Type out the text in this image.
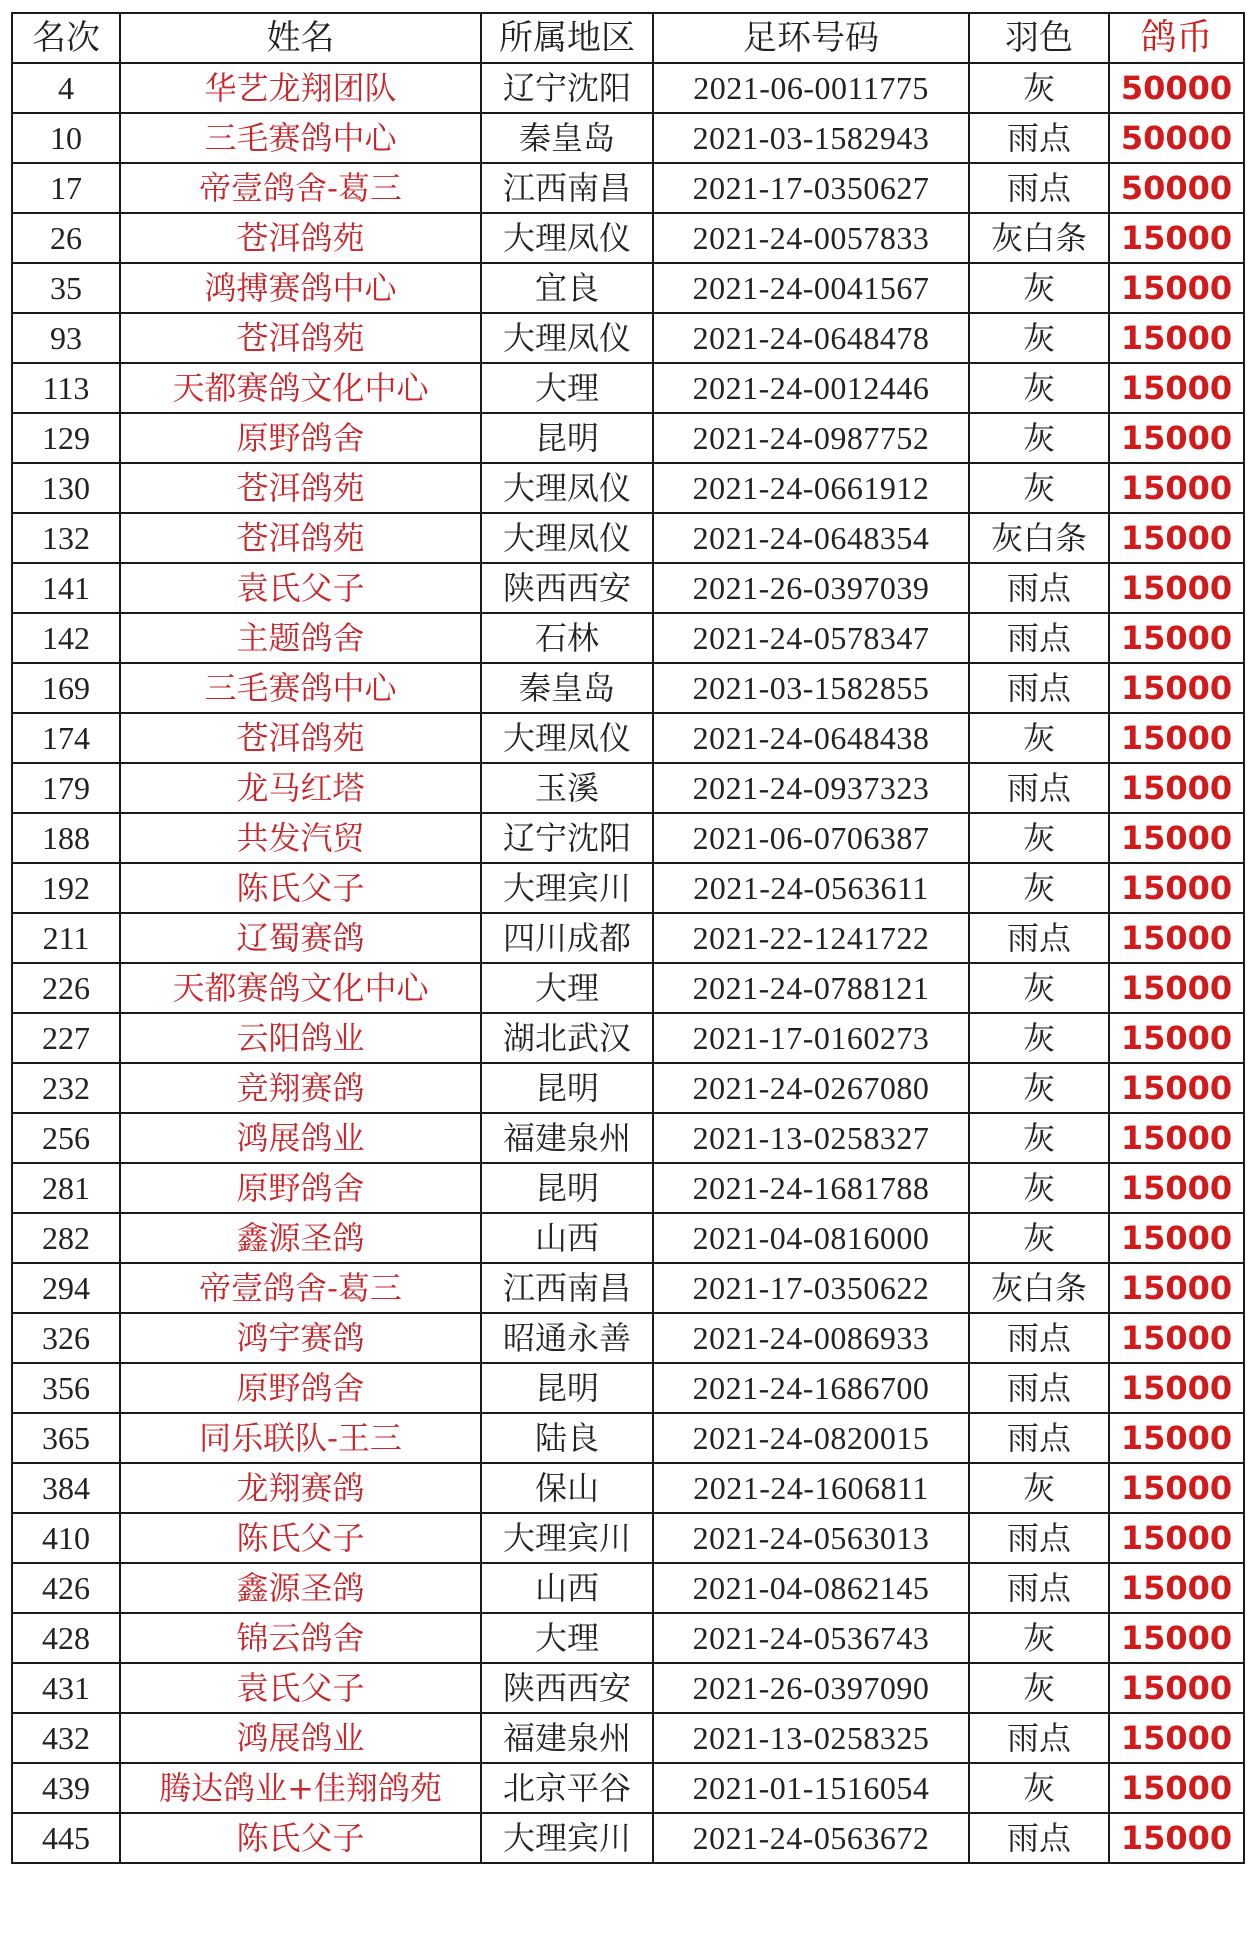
名次	姓名	所属地区	足环号码	羽色	鸽币
4	华艺龙翔团队	辽宁沈阳	2021-06-0011775	灰	50000
10	三毛赛鸽中心	秦皇岛	2021-03-1582943	雨点	50000
17	帝壹鸽舍-葛三	江西南昌	2021-17-0350627	雨点	50000
26	苍洱鸽苑	大理凤仪	2021-24-0057833	灰白条	15000
35	鸿搏赛鸽中心	宜良	2021-24-0041567	灰	15000
93	苍洱鸽苑	大理凤仪	2021-24-0648478	灰	15000
113	天都赛鸽文化中心	大理	2021-24-0012446	灰	15000
129	原野鸽舍	昆明	2021-24-0987752	灰	15000
130	苍洱鸽苑	大理凤仪	2021-24-0661912	灰	15000
132	苍洱鸽苑	大理凤仪	2021-24-0648354	灰白条	15000
141	袁氏父子	陕西西安	2021-26-0397039	雨点	15000
142	主题鸽舍	石林	2021-24-0578347	雨点	15000
169	三毛赛鸽中心	秦皇岛	2021-03-1582855	雨点	15000
174	苍洱鸽苑	大理凤仪	2021-24-0648438	灰	15000
179	龙马红塔	玉溪	2021-24-0937323	雨点	15000
188	共发汽贸	辽宁沈阳	2021-06-0706387	灰	15000
192	陈氏父子	大理宾川	2021-24-0563611	灰	15000
211	辽蜀赛鸽	四川成都	2021-22-1241722	雨点	15000
226	天都赛鸽文化中心	大理	2021-24-0788121	灰	15000
227	云阳鸽业	湖北武汉	2021-17-0160273	灰	15000
232	竞翔赛鸽	昆明	2021-24-0267080	灰	15000
256	鸿展鸽业	福建泉州	2021-13-0258327	灰	15000
281	原野鸽舍	昆明	2021-24-1681788	灰	15000
282	鑫源圣鸽	山西	2021-04-0816000	灰	15000
294	帝壹鸽舍-葛三	江西南昌	2021-17-0350622	灰白条	15000
326	鸿宇赛鸽	昭通永善	2021-24-0086933	雨点	15000
356	原野鸽舍	昆明	2021-24-1686700	雨点	15000
365	同乐联队-王三	陆良	2021-24-0820015	雨点	15000
384	龙翔赛鸽	保山	2021-24-1606811	灰	15000
410	陈氏父子	大理宾川	2021-24-0563013	雨点	15000
426	鑫源圣鸽	山西	2021-04-0862145	雨点	15000
428	锦云鸽舍	大理	2021-24-0536743	灰	15000
431	袁氏父子	陕西西安	2021-26-0397090	灰	15000
432	鸿展鸽业	福建泉州	2021-13-0258325	雨点	15000
439	腾达鸽业+佳翔鸽苑	北京平谷	2021-01-1516054	灰	15000
445	陈氏父子	大理宾川	2021-24-0563672	雨点	15000
